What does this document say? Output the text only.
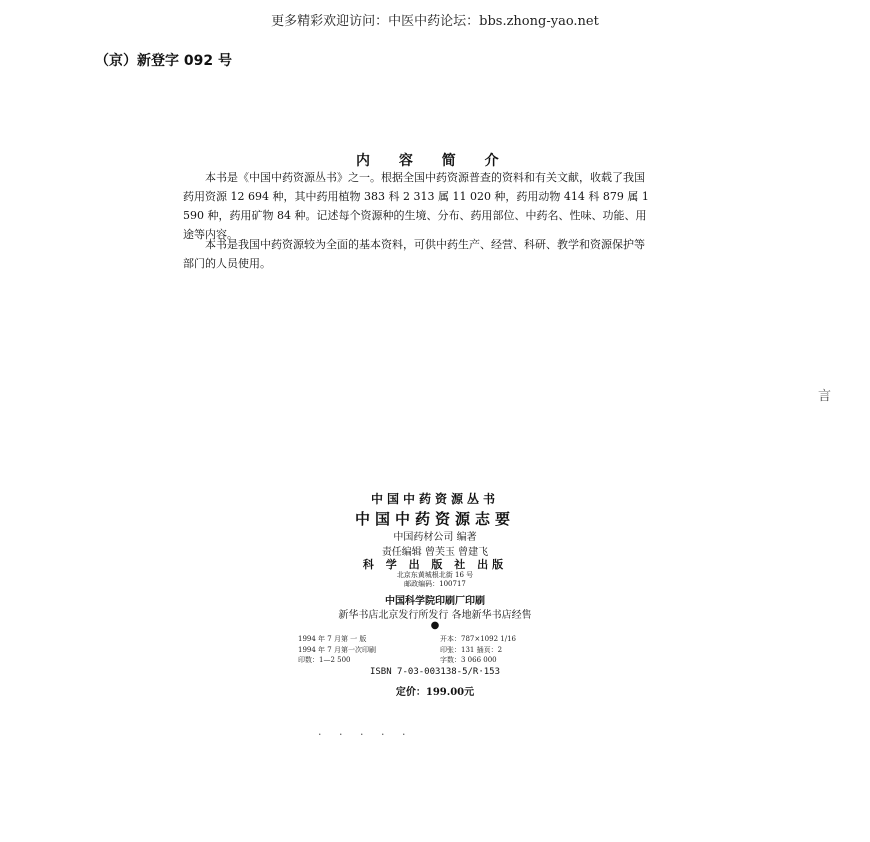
更多精彩欢迎访问：中医中药论坛：bbs.zhong-yao.net
（京）新登字 092 号
内 容 简 介
本书是《中国中药资源丛书》之一。根据全国中药资源普查的资料和有关文献，收载了我国药用资源 12 694 种，其中药用植物 383 科 2 313 属 11 020 种，药用动物 414 科 879 属 1 590 种，药用矿物 84 种。记述每个资源种的生境、分布、药用部位、中药名、性味、功能、用途等内容。
本书是我国中药资源较为全面的基本资料，可供中药生产、经营、科研、教学和资源保护等部门的人员使用。
言
中国中药资源丛书
中国中药资源志要
中国药材公司 编著
责任编辑 曾芙玉 曾建飞
科 学 出 版 社 出版
北京东黄城根北街 16 号
邮政编码：100717
中国科学院印刷厂印刷
新华书店北京发行所发行 各地新华书店经售
●
1994 年 7 月第 一 版
1994 年 7 月第一次印刷
印数：1—2 500
开本：787×1092 1/16
印张：131 插页：2
字数：3 066 000
ISBN 7-03-003138-5/R·153
定价：199.00元
· · · · ·
